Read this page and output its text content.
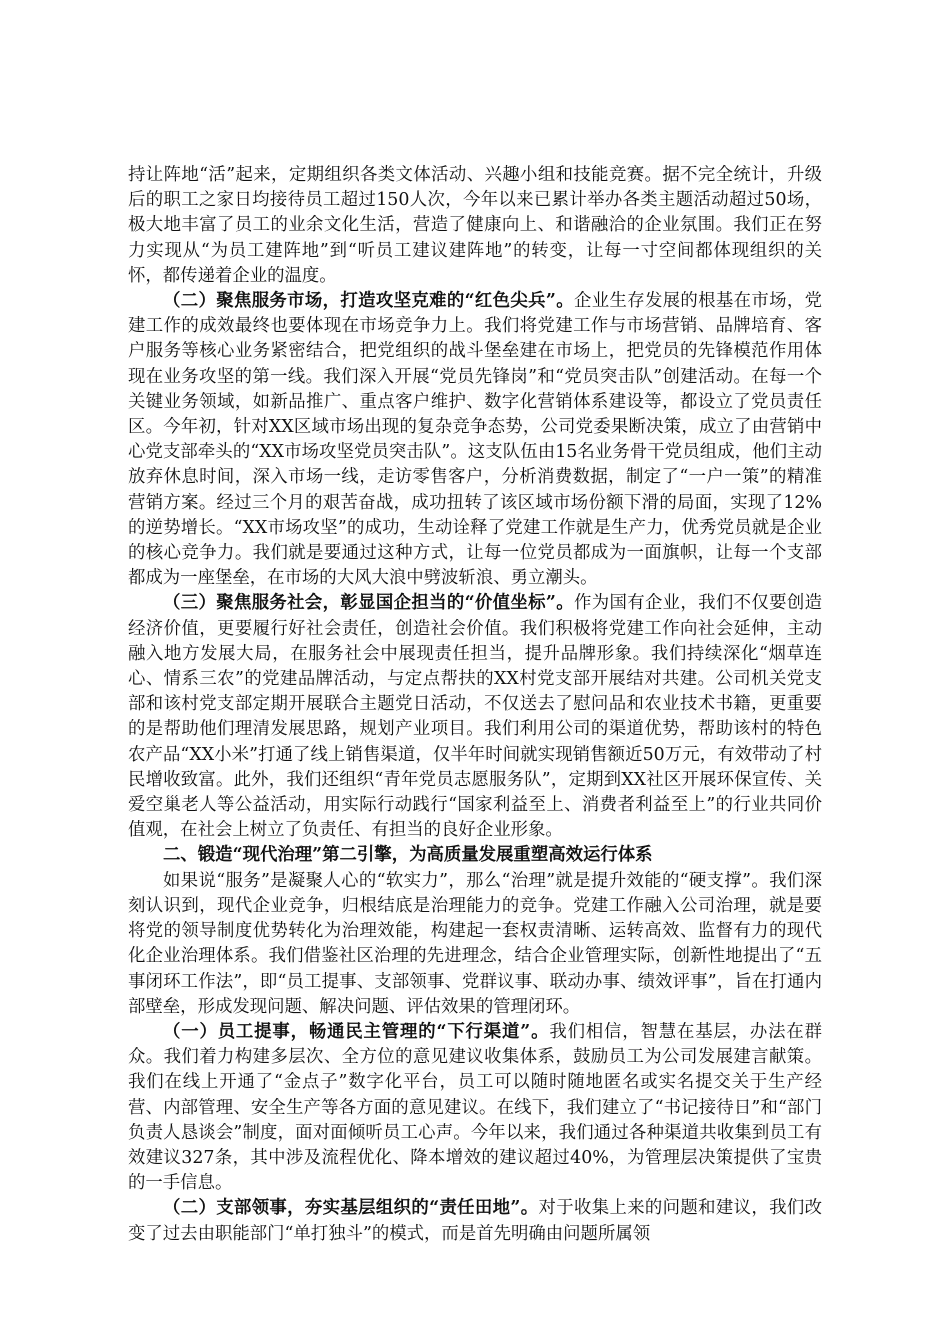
持让阵地“活”起来，定期组织各类文体活动、兴趣小组和技能竞赛。据不完全统计，升级后的职工之家日均接待员工超过150人次，今年以来已累计举办各类主题活动超过50场，极大地丰富了员工的业余文化生活，营造了健康向上、和谐融洽的企业氛围。我们正在努力实现从“为员工建阵地”到“听员工建议建阵地”的转变，让每一寸空间都体现组织的关怀，都传递着企业的温度。

（二）聚焦服务市场，打造攻坚克难的“红色尖兵”。企业生存发展的根基在市场，党建工作的成效最终也要体现在市场竞争力上。我们将党建工作与市场营销、品牌培育、客户服务等核心业务紧密结合，把党组织的战斗堡垒建在市场上，把党员的先锋模范作用体现在业务攻坚的第一线。我们深入开展“党员先锋岗”和“党员突击队”创建活动。在每一个关键业务领域，如新品推广、重点客户维护、数字化营销体系建设等，都设立了党员责任区。今年初，针对XX区域市场出现的复杂竞争态势，公司党委果断决策，成立了由营销中心党支部牵头的“XX市场攻坚党员突击队”。这支队伍由15名业务骨干党员组成，他们主动放弃休息时间，深入市场一线，走访零售客户，分析消费数据，制定了“一户一策”的精准营销方案。经过三个月的艰苦奋战，成功扭转了该区域市场份额下滑的局面，实现了12%的逆势增长。“XX市场攻坚”的成功，生动诠释了党建工作就是生产力，优秀党员就是企业的核心竞争力。我们就是要通过这种方式，让每一位党员都成为一面旗帜，让每一个支部都成为一座堡垒，在市场的大风大浪中劈波斩浪、勇立潮头。

（三）聚焦服务社会，彰显国企担当的“价值坐标”。作为国有企业，我们不仅要创造经济价值，更要履行好社会责任，创造社会价值。我们积极将党建工作向社会延伸，主动融入地方发展大局，在服务社会中展现责任担当，提升品牌形象。我们持续深化“烟草连心、情系三农”的党建品牌活动，与定点帮扶的XX村党支部开展结对共建。公司机关党支部和该村党支部定期开展联合主题党日活动，不仅送去了慰问品和农业技术书籍，更重要的是帮助他们理清发展思路，规划产业项目。我们利用公司的渠道优势，帮助该村的特色农产品“XX小米”打通了线上销售渠道，仅半年时间就实现销售额近50万元，有效带动了村民增收致富。此外，我们还组织“青年党员志愿服务队”，定期到XX社区开展环保宣传、关爱空巢老人等公益活动，用实际行动践行“国家利益至上、消费者利益至上”的行业共同价值观，在社会上树立了负责任、有担当的良好企业形象。

二、锻造“现代治理”第二引擎，为高质量发展重塑高效运行体系

如果说“服务”是凝聚人心的“软实力”，那么“治理”就是提升效能的“硬支撑”。我们深刻认识到，现代企业竞争，归根结底是治理能力的竞争。党建工作融入公司治理，就是要将党的领导制度优势转化为治理效能，构建起一套权责清晰、运转高效、监督有力的现代化企业治理体系。我们借鉴社区治理的先进理念，结合企业管理实际，创新性地提出了“五事闭环工作法”，即“员工提事、支部领事、党群议事、联动办事、绩效评事”，旨在打通内部壁垒，形成发现问题、解决问题、评估效果的管理闭环。

（一）员工提事，畅通民主管理的“下行渠道”。我们相信，智慧在基层，办法在群众。我们着力构建多层次、全方位的意见建议收集体系，鼓励员工为公司发展建言献策。我们在线上开通了“金点子”数字化平台，员工可以随时随地匿名或实名提交关于生产经营、内部管理、安全生产等各方面的意见建议。在线下，我们建立了“书记接待日”和“部门负责人恳谈会”制度，面对面倾听员工心声。今年以来，我们通过各种渠道共收集到员工有效建议327条，其中涉及流程优化、降本增效的建议超过40%，为管理层决策提供了宝贵的一手信息。

（二）支部领事，夯实基层组织的“责任田地”。对于收集上来的问题和建议，我们改变了过去由职能部门“单打独斗”的模式，而是首先明确由问题所属领
